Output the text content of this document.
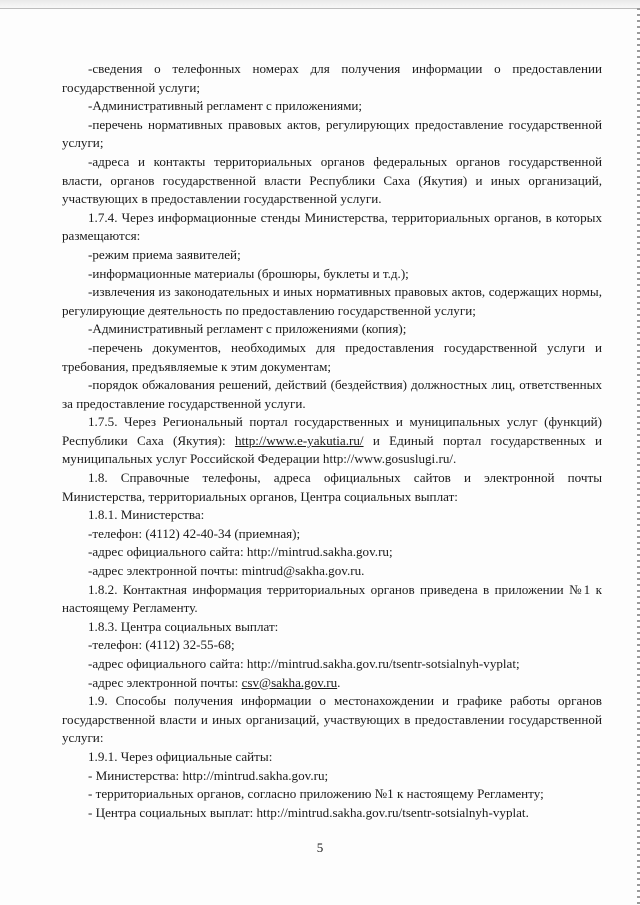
-сведения о телефонных номерах для получения информации о предоставлении государственной услуги;

-Административный регламент с приложениями;

-перечень нормативных правовых актов, регулирующих предоставление государственной услуги;

-адреса и контакты территориальных органов федеральных органов государственной власти, органов государственной власти Республики Саха (Якутия) и иных организаций, участвующих в предоставлении государственной услуги.

1.7.4. Через информационные стенды Министерства, территориальных органов, в которых размещаются:

-режим приема заявителей;

-информационные материалы (брошюры, буклеты и т.д.);

-извлечения из законодательных и иных нормативных правовых актов, содержащих нормы, регулирующие деятельность по предоставлению государственной услуги;

-Административный регламент с приложениями (копия);

-перечень документов, необходимых для предоставления государственной услуги и требования, предъявляемые к этим документам;

-порядок обжалования решений, действий (бездействия) должностных лиц, ответственных за предоставление государственной услуги.

1.7.5. Через Региональный портал государственных и муниципальных услуг (функций) Республики Саха (Якутия): http://www.e-yakutia.ru/ и Единый портал государственных и муниципальных услуг Российской Федерации http://www.gosuslugi.ru/.

1.8. Справочные телефоны, адреса официальных сайтов и электронной почты Министерства, территориальных органов, Центра социальных выплат:

1.8.1. Министерства:

-телефон: (4112) 42-40-34 (приемная);

-адрес официального сайта: http://mintrud.sakha.gov.ru;

-адрес электронной почты: mintrud@sakha.gov.ru.

1.8.2. Контактная информация территориальных органов приведена в приложении №1 к настоящему Регламенту.

1.8.3. Центра социальных выплат:

-телефон: (4112) 32-55-68;

-адрес официального сайта: http://mintrud.sakha.gov.ru/tsentr-sotsialnyh-vyplat;

-адрес электронной почты: csv@sakha.gov.ru.

1.9. Способы получения информации о местонахождении и графике работы органов государственной власти и иных организаций, участвующих в предоставлении государственной услуги:

1.9.1. Через официальные сайты:

- Министерства: http://mintrud.sakha.gov.ru;

- территориальных органов, согласно приложению №1 к настоящему Регламенту;

- Центра социальных выплат: http://mintrud.sakha.gov.ru/tsentr-sotsialnyh-vyplat.

5
